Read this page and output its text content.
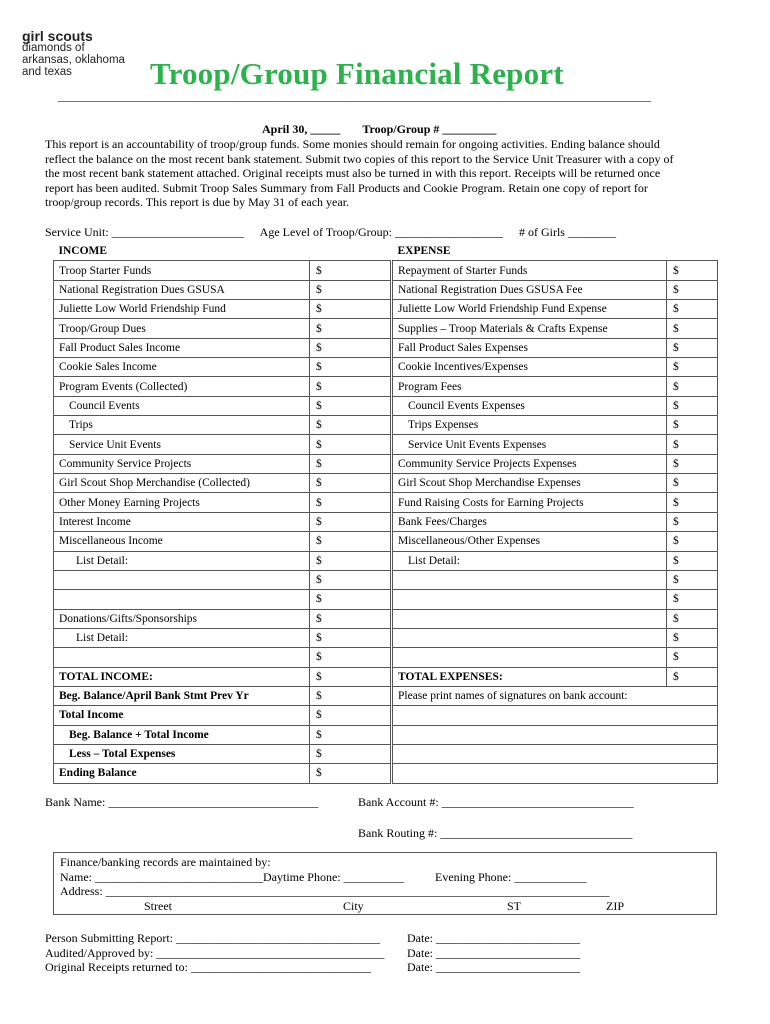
girl scouts
diamonds of
arkansas, oklahoma
and texas	Troop/Group Financial Report
April 30, _____ Troop/Group # _________
This report is an accountability of troop/group funds. Some monies should remain for ongoing activities. Ending balance should reflect the balance on the most recent bank statement. Submit two copies of this report to the Service Unit Treasurer with a copy of the most recent bank statement attached. Original receipts must also be turned in with this report. Receipts will be returned once report has been audited. Submit Troop Sales Summary from Fall Products and Cookie Program. Retain one copy of report for troop/group records. This report is due by May 31 of each year.
Service Unit: ______________________ Age Level of Troop/Group: __________________ # of Girls ________
INCOME	
Troop Starter Funds	$
National Registration Dues GSUSA	$
Juliette Low World Friendship Fund	$
Troop/Group Dues	$
Fall Product Sales Income	$
Cookie Sales Income	$
Program Events (Collected)	$
Council Events	$
Trips	$
Service Unit Events	$
Community Service Projects	$
Girl Scout Shop Merchandise (Collected)	$
Other Money Earning Projects	$
Interest Income	$
Miscellaneous Income	$
List Detail:	$
	$
	$
Donations/Gifts/Sponsorships	$
List Detail:	$
	$
TOTAL INCOME:	$
Beg. Balance/April Bank Stmt Prev Yr	$
Total Income	$
Beg. Balance + Total Income	$
Less – Total Expenses	$
Ending Balance	$
EXPENSE	
Repayment of Starter Funds	$
National Registration Dues GSUSA Fee	$
Juliette Low World Friendship Fund Expense	$
Supplies – Troop Materials & Crafts Expense	$
Fall Product Sales Expenses	$
Cookie Incentives/Expenses	$
Program Fees	$
Council Events Expenses	$
Trips Expenses	$
Service Unit Events Expenses	$
Community Service Projects Expenses	$
Girl Scout Shop Merchandise Expenses	$
Fund Raising Costs for Earning Projects	$
Bank Fees/Charges	$
Miscellaneous/Other Expenses	$
List Detail:	$
	$
	$
	$
	$
	$
TOTAL EXPENSES:	$
Please print names of signatures on bank account:	

Bank Name: ___________________________________	Bank Account #: ________________________________
Bank Routing #: ________________________________
Finance/banking records are maintained by:
Name: ____________________________Daytime Phone: __________	Evening Phone: ____________
Address: ____________________________________________________________________________________
Street	City	ST	ZIP
Person Submitting Report: __________________________________ Date: ________________________
Audited/Approved by: ______________________________________ Date: ________________________
Original Receipts returned to: ______________________________	Date: ________________________
